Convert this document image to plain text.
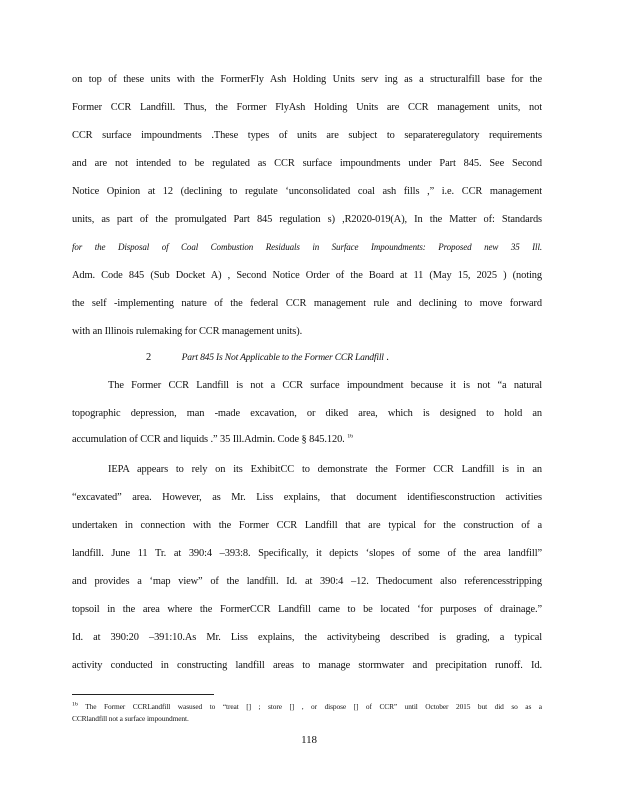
on top of these units with the FormerFly Ash Holding Units serv ing as a structuralfill base for the
Former CCR Landfill. Thus, the Former FlyAsh Holding Units are CCR management units, not
CCR surface impoundments .These types of units are subject to separateregulatory requirements
and are not intended to be regulated as CCR surface impoundments under Part 845. See Second
Notice Opinion at 12 (declining to regulate ‘unconsolidated coal ash fills ,” i.e. CCR management
units, as part of the promulgated Part 845 regulation s) ,R2020-019(A), In the Matter of: Standards
for the Disposal of Coal Combustion Residuals in Surface Impoundments: Proposed new 35 Ill.
Adm. Code 845 (Sub Docket A) , Second Notice Order of the Board at 11 (May 15, 2025 ) (noting
the self -implementing nature of the federal CCR management rule and declining to move forward
with an Illinois rulemaking for CCR management units).
2	Part 845 Is Not Applicable to the Former CCR Landfill .
The Former CCR Landfill is not a CCR surface impoundment because it is not “a natural
topographic depression, man -made excavation, or diked area, which is designed to hold an
accumulation of CCR and liquids .” 35 Ill.Admin. Code § 845.120. $^{16}$
IEPA appears to rely on its ExhibitCC to demonstrate the Former CCR Landfill is in an
“excavated” area. However, as Mr. Liss explains, that document identifiesconstruction activities
undertaken in connection with the Former CCR Landfill that are typical for the construction of a
landfill. June 11 Tr. at 390:4 –393:8. Specifically, it depicts ‘slopes of some of the area landfill”
and provides a ‘map view” of the landfill. Id. at 390:4 –12. Thedocument also referencesstripping
topsoil in the area where the FormerCCR Landfill came to be located ‘for purposes of drainage.”
Id. at 390:20 –391:10.As Mr. Liss explains, the activitybeing described is grading, a typical
activity conducted in constructing landfill areas to manage stormwater and precipitation runoff. Id.
$^{16}$ The Former CCRLandfill wasused to “treat [] ; store [] , or dispose [] of CCR” until October 2015 but did so as a
CCRlandfill not a surface impoundment.
118
